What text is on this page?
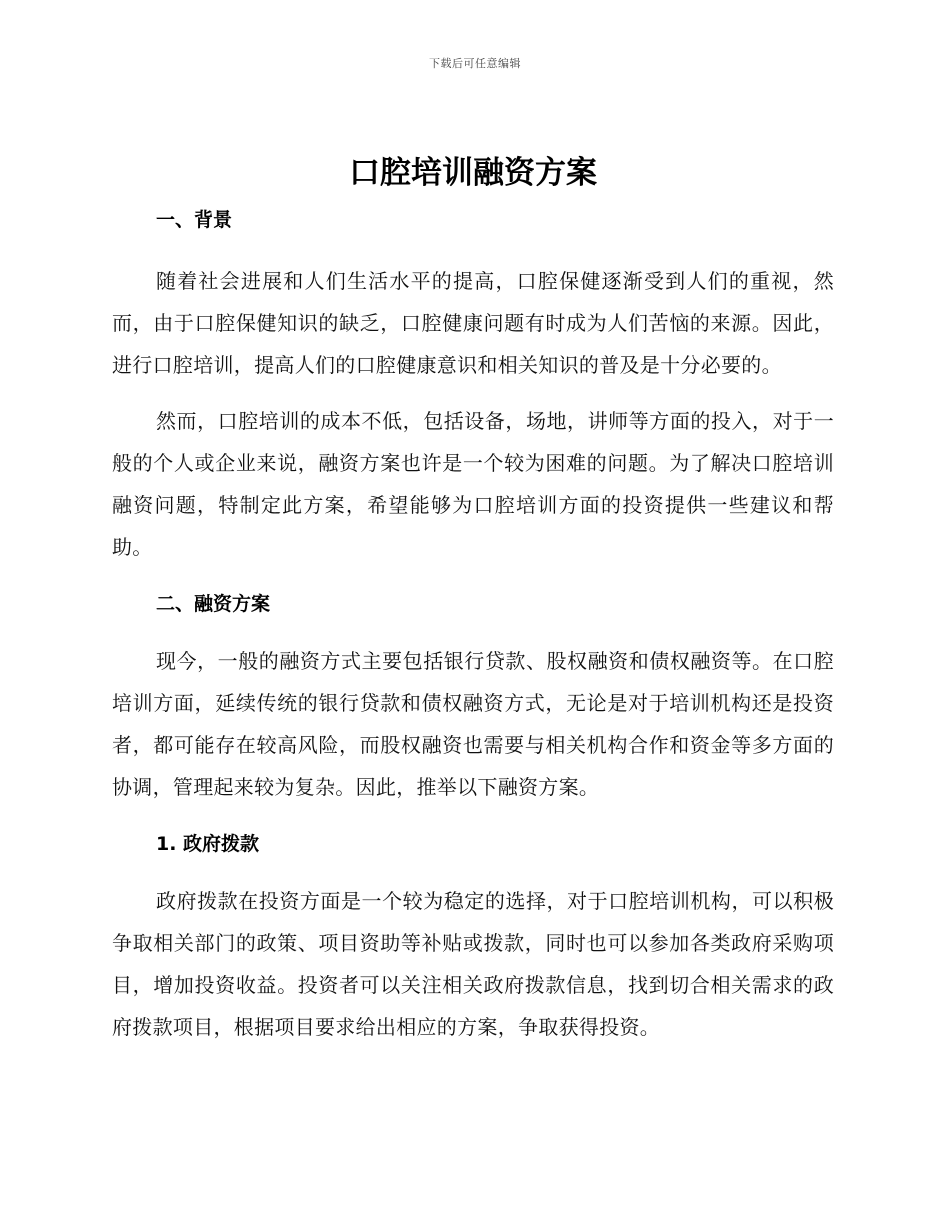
下载后可任意编辑
口腔培训融资方案
一、背景

随着社会进展和人们生活水平的提高，口腔保健逐渐受到人们的重视，然而，由于口腔保健知识的缺乏，口腔健康问题有时成为人们苦恼的来源。因此，进行口腔培训，提高人们的口腔健康意识和相关知识的普及是十分必要的。

然而，口腔培训的成本不低，包括设备，场地，讲师等方面的投入，对于一般的个人或企业来说，融资方案也许是一个较为困难的问题。为了解决口腔培训融资问题，特制定此方案，希望能够为口腔培训方面的投资提供一些建议和帮助。

二、融资方案

现今，一般的融资方式主要包括银行贷款、股权融资和债权融资等。在口腔培训方面，延续传统的银行贷款和债权融资方式，无论是对于培训机构还是投资者，都可能存在较高风险，而股权融资也需要与相关机构合作和资金等多方面的协调，管理起来较为复杂。因此，推举以下融资方案。

1. 政府拨款

政府拨款在投资方面是一个较为稳定的选择，对于口腔培训机构，可以积极争取相关部门的政策、项目资助等补贴或拨款，同时也可以参加各类政府采购项目，增加投资收益。投资者可以关注相关政府拨款信息，找到切合相关需求的政府拨款项目，根据项目要求给出相应的方案，争取获得投资。
